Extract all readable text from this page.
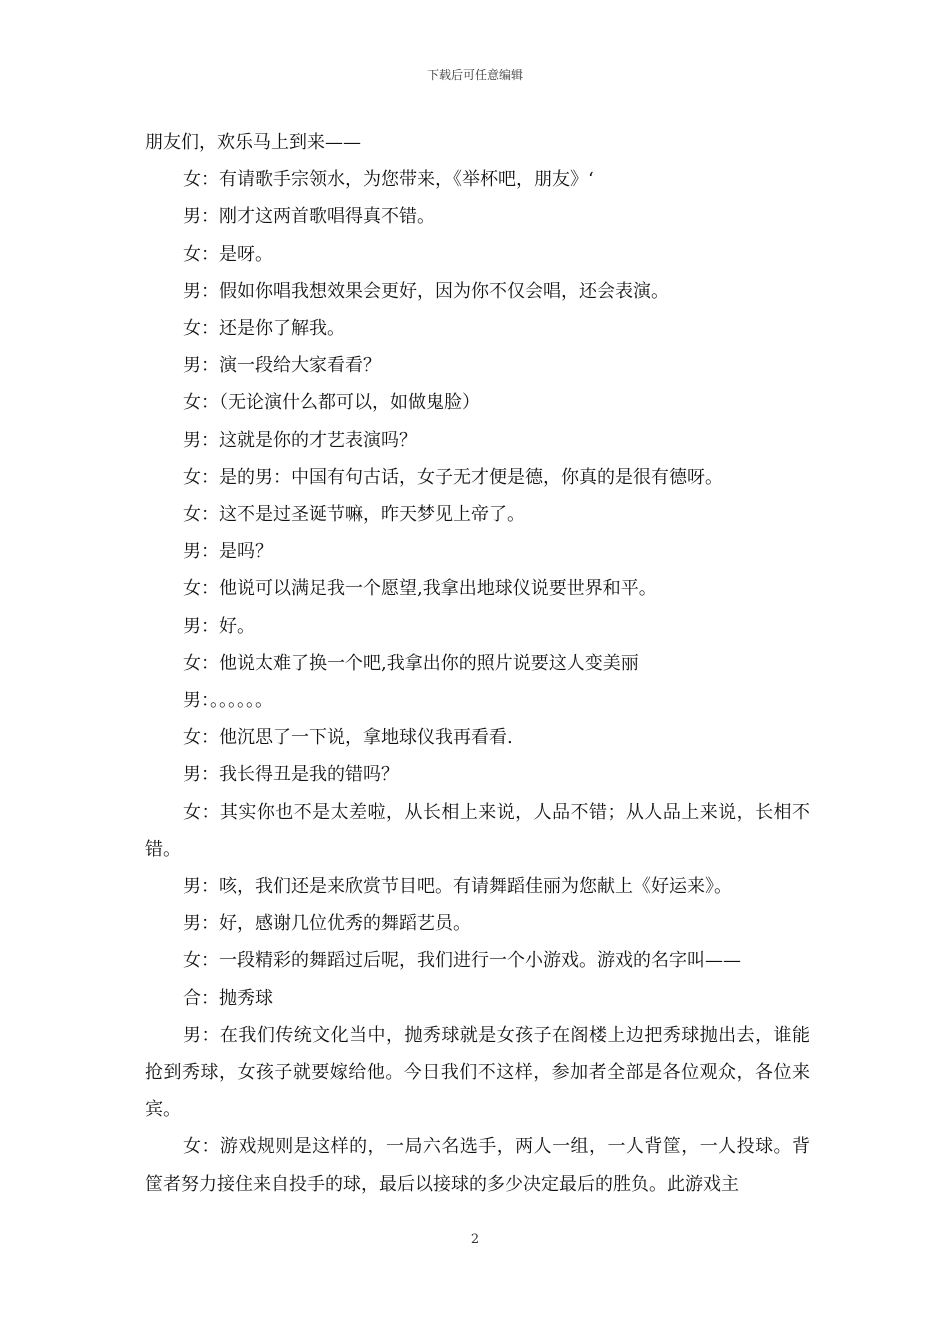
下载后可任意编辑

朋友们，欢乐马上到来——

女：有请歌手宗领水，为您带来，《举杯吧，朋友》‘

男：刚才这两首歌唱得真不错。

女：是呀。

男：假如你唱我想效果会更好，因为你不仅会唱，还会表演。

女：还是你了解我。

男：演一段给大家看看？

女：（无论演什么都可以，如做鬼脸）

男：这就是你的才艺表演吗？

女：是的男：中国有句古话，女子无才便是德，你真的是很有德呀。

女：这不是过圣诞节嘛，昨天梦见上帝了。

男：是吗？

女：他说可以满足我一个愿望,我拿出地球仪说要世界和平。

男：好。

女：他说太难了换一个吧,我拿出你的照片说要这人变美丽

男：。。。。。。

女：他沉思了一下说，拿地球仪我再看看.

男：我长得丑是我的错吗？

女：其实你也不是太差啦，从长相上来说，人品不错；从人品上来说，长相不错。

男：咳，我们还是来欣赏节目吧。有请舞蹈佳丽为您献上《好运来》。

男：好，感谢几位优秀的舞蹈艺员。

女：一段精彩的舞蹈过后呢，我们进行一个小游戏。游戏的名字叫——

合：抛秀球

男：在我们传统文化当中，抛秀球就是女孩子在阁楼上边把秀球抛出去，谁能抢到秀球，女孩子就要嫁给他。今日我们不这样，参加者全部是各位观众，各位来宾。

女：游戏规则是这样的，一局六名选手，两人一组，一人背筐，一人投球。背筐者努力接住来自投手的球，最后以接球的多少决定最后的胜负。此游戏主

2
